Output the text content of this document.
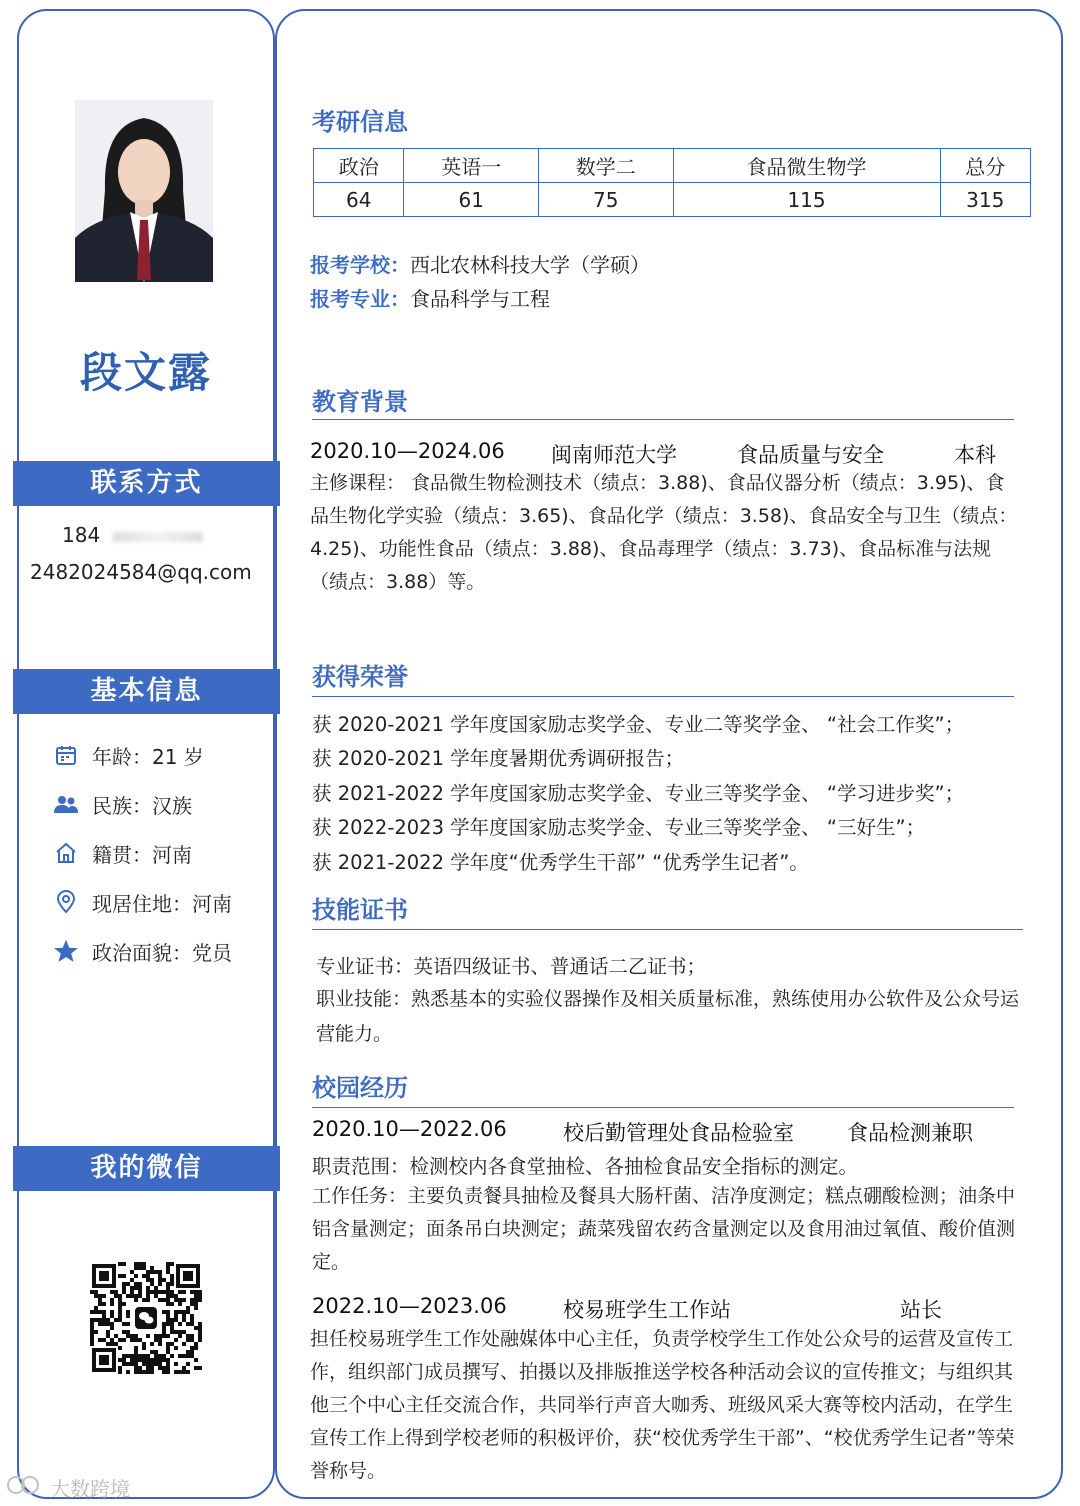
段文露
联系方式
184
2482024584@qq.com
基本信息
年龄：21 岁
民族：汉族
籍贯：河南
现居住地：河南
政治面貌：党员
我的微信
大数跨境
考研信息
政治	英语一	数学二	食品微生物学	总分
64	61	75	115	315
报考学校：西北农林科技大学（学硕）
报考专业：食品科学与工程
教育背景
2020.10—2024.06 闽南师范大学	食品质量与安全	本科
主修课程： 食品微生物检测技术（绩点：3.88)、食品仪器分析（绩点：3.95)、食品生物化学实验（绩点：3.65)、食品化学（绩点：3.58)、食品安全与卫生（绩点：4.25)、功能性食品（绩点：3.88)、食品毒理学（绩点：3.73)、食品标准与法规（绩点：3.88）等。
获得荣誉
获 2020-2021 学年度国家励志奖学金、专业二等奖学金、 “社会工作奖”；
获 2020-2021 学年度暑期优秀调研报告；
获 2021-2022 学年度国家励志奖学金、专业三等奖学金、 “学习进步奖”；
获 2022-2023 学年度国家励志奖学金、专业三等奖学金、 “三好生”；
获 2021-2022 学年度“优秀学生干部” “优秀学生记者”。
技能证书
专业证书：英语四级证书、普通话二乙证书；
职业技能：熟悉基本的实验仪器操作及相关质量标准，熟练使用办公软件及公众号运营能力。
校园经历
2020.10—2022.06	校后勤管理处食品检验室	食品检测兼职
职责范围：检测校内各食堂抽检、各抽检食品安全指标的测定。
工作任务：主要负责餐具抽检及餐具大肠杆菌、洁净度测定；糕点硼酸检测；油条中铝含量测定；面条吊白块测定；蔬菜残留农药含量测定以及食用油过氧值、酸价值测定。
2022.10—2023.06	校易班学生工作站	站长
担任校易班学生工作处融媒体中心主任，负责学校学生工作处公众号的运营及宣传工作，组织部门成员撰写、拍摄以及排版推送学校各种活动会议的宣传推文；与组织其他三个中心主任交流合作，共同举行声音大咖秀、班级风采大赛等校内活动，在学生宣传工作上得到学校老师的积极评价，获“校优秀学生干部”、“校优秀学生记者”等荣誉称号。
